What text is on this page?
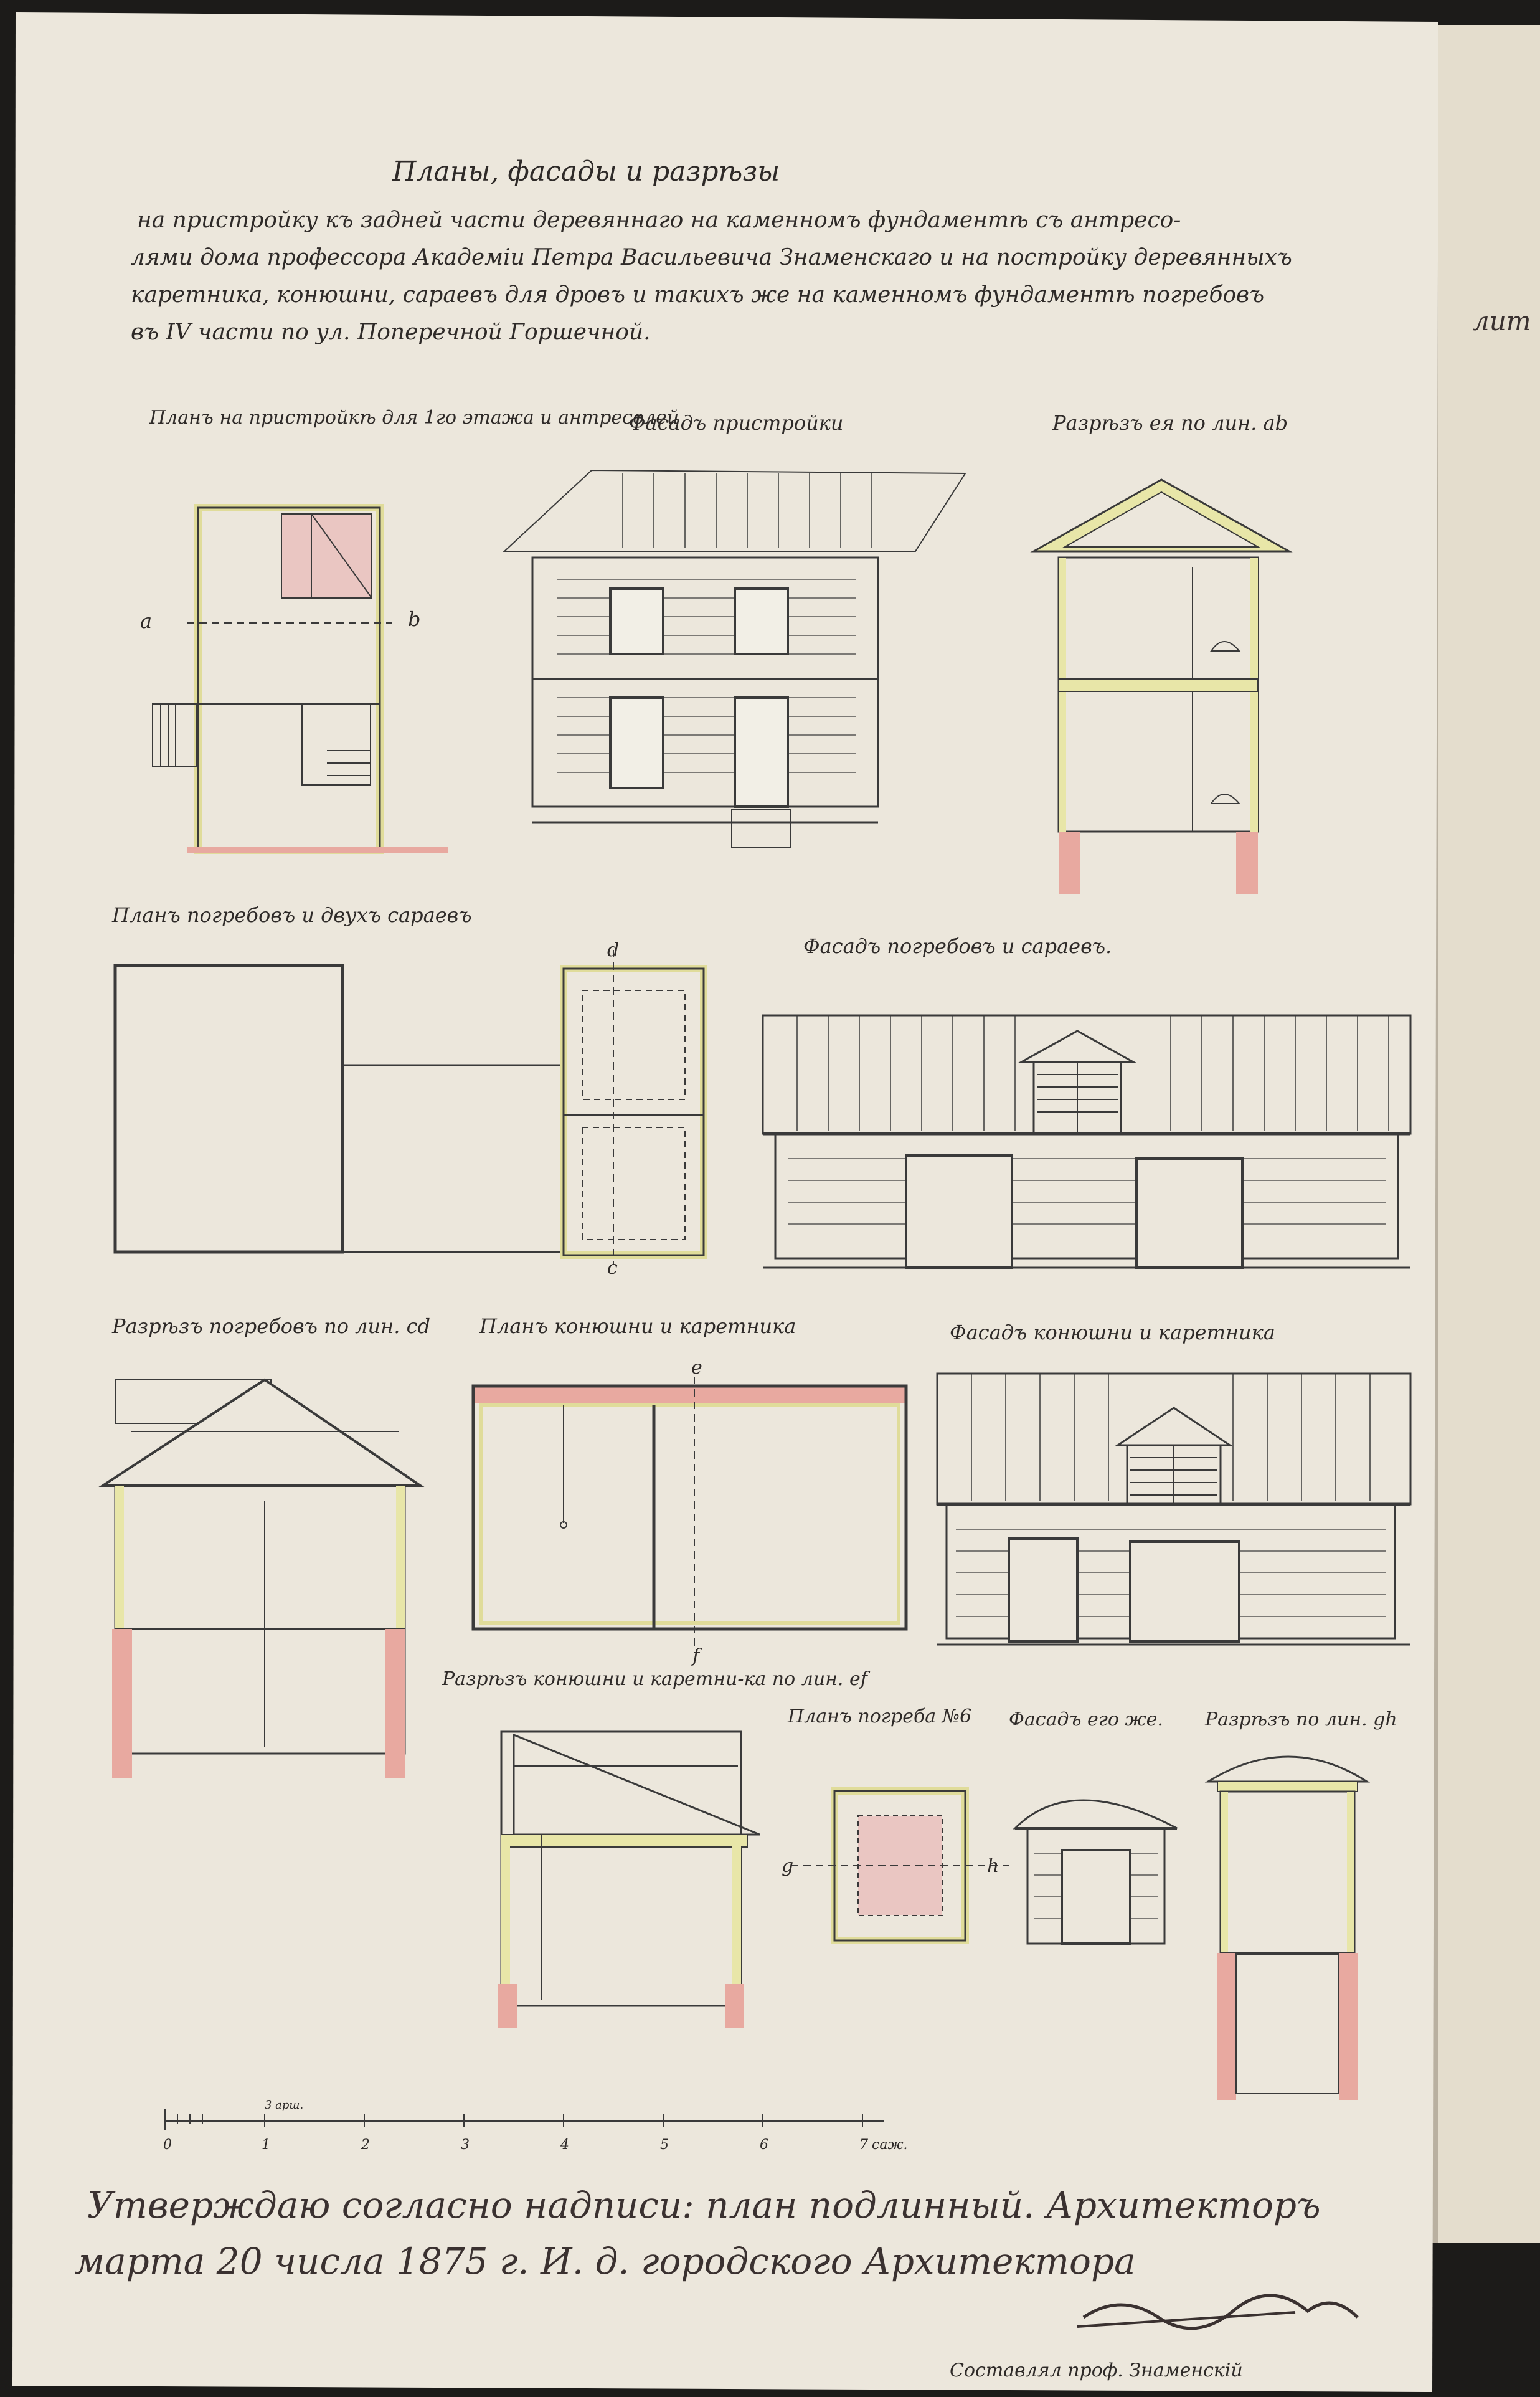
лит
Планы, фасады и разрѣзы
на пристройку къ задней части деревяннаго на каменномъ фундаментѣ съ антресо-
лями дома профессора Академiи Петра Васильевича Знаменскаго и на постройку деревянныхъ
каретника, конюшни, сараевъ для дровъ и такихъ же на каменномъ фундаментѣ погребовъ
въ IV части по ул. Поперечной Горшечной.
Планъ на пристройкѣ для 1го этажа и антресолей
a	b
Фасадъ пристройки	Разрѣзъ ея по лин. аb
Планъ погребовъ и двухъ сараевъ
d
c
Фасадъ погребовъ и сараевъ.
Разрѣзъ погребовъ по лин. сd Планъ конюшни и каретника
e
f
Фасадъ конюшни и каретника
Разрѣзъ конюшни и каретни-ка по лин. еf
Планъ погреба №6
g	h
Фасадъ его же. Разрѣзъ по лин. gh
0	1	2	3	4	5	6	7
3 арш.
саж.
Утверждаю согласно надписи: план подлинный. Архитекторъ
марта 20 числа 1875 г. И. д. городского Архитектора
Составлял проф. Знаменскiй
